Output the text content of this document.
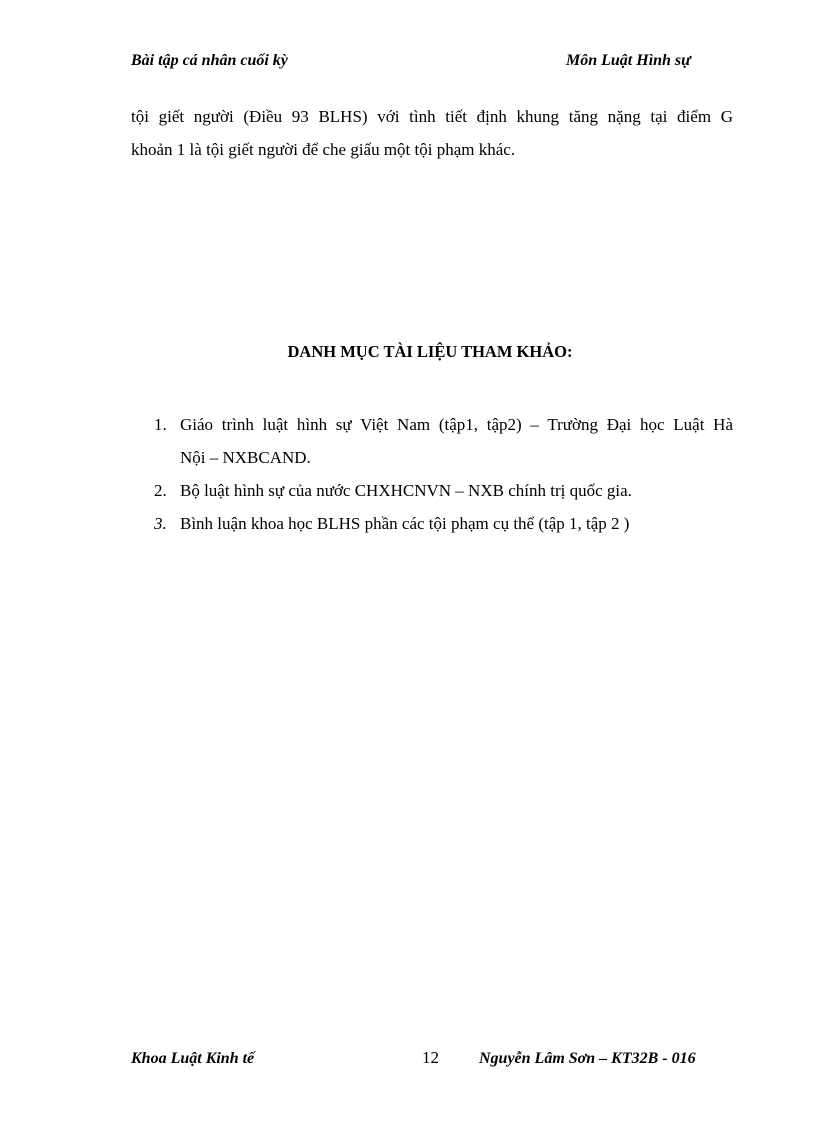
Bài tập cá nhân cuối kỳ	Môn Luật Hình sự
tội giết người (Điều 93 BLHS) với tình tiết định khung tăng nặng tại điểm G
khoản 1 là tội giết người để che giấu một tội phạm khác.
DANH MỤC TÀI LIỆU THAM KHẢO:
1. Giáo trình luật hình sự Việt Nam (tập1, tập2) – Trường Đại học Luật Hà
Nội – NXBCAND.
2. Bộ luật hình sự của nước CHXHCNVN – NXB chính trị quốc gia.
3. Bình luận khoa học BLHS phần các tội phạm cụ thể (tập 1, tập 2 )
Khoa Luật Kinh tế	12	Nguyễn Lâm Sơn – KT32B - 016
